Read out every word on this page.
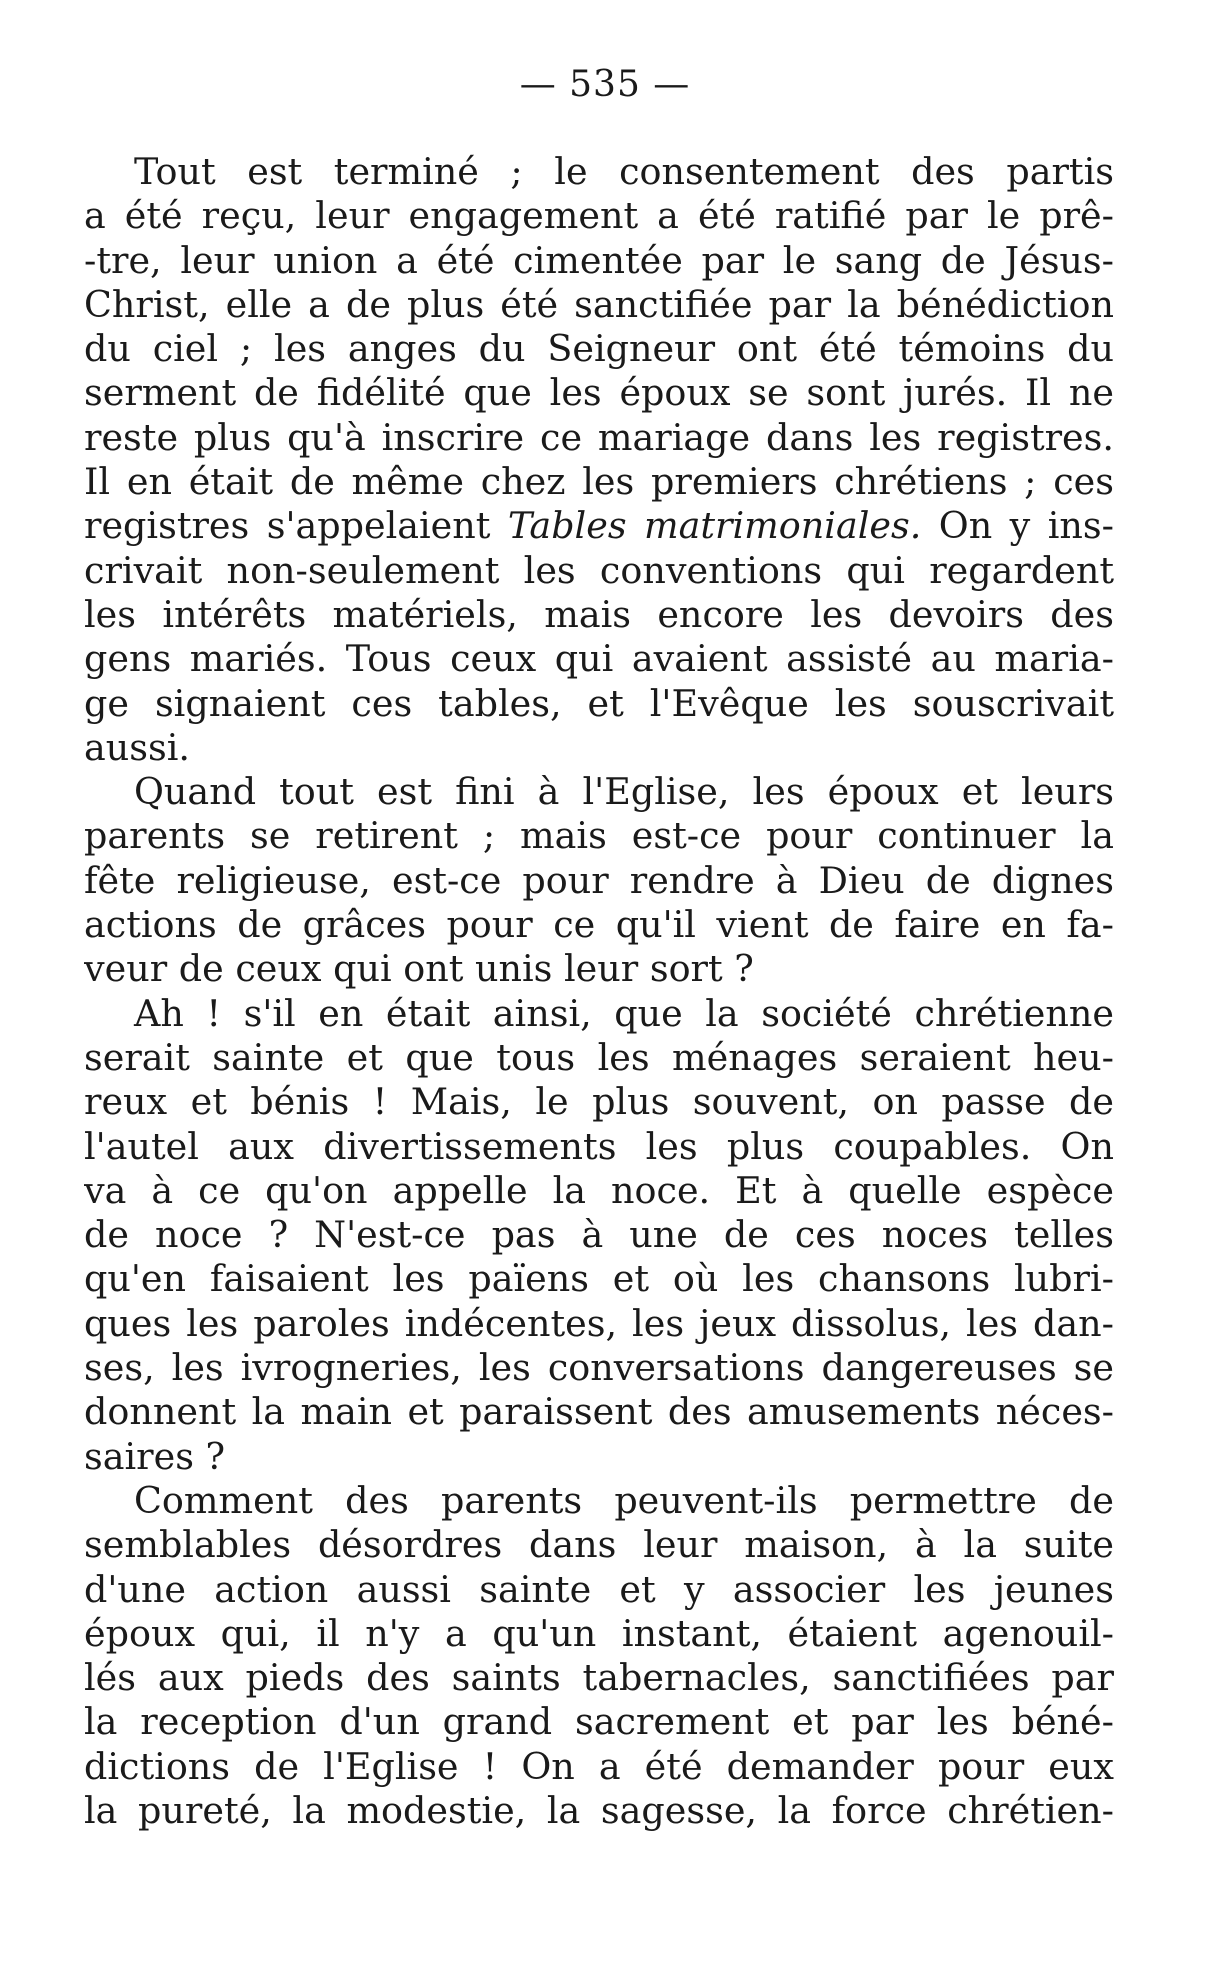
— 535 —

Tout est terminé ; le consentement des partis
a été reçu, leur engagement a été ratifié par le prê-
-tre, leur union a été cimentée par le sang de Jésus-
Christ, elle a de plus été sanctifiée par la bénédiction
du ciel ; les anges du Seigneur ont été témoins du
serment de fidélité que les époux se sont jurés. Il ne
reste plus qu'à inscrire ce mariage dans les registres.
Il en était de même chez les premiers chrétiens ; ces
registres s'appelaient Tables matrimoniales. On y ins-
crivait non-seulement les conventions qui regardent
les intérêts matériels, mais encore les devoirs des
gens mariés. Tous ceux qui avaient assisté au maria-
ge signaient ces tables, et l'Evêque les souscrivait
aussi.
Quand tout est fini à l'Eglise, les époux et leurs
parents se retirent ; mais est-ce pour continuer la
fête religieuse, est-ce pour rendre à Dieu de dignes
actions de grâces pour ce qu'il vient de faire en fa-
veur de ceux qui ont unis leur sort ?
Ah ! s'il en était ainsi, que la société chrétienne
serait sainte et que tous les ménages seraient heu-
reux et bénis ! Mais, le plus souvent, on passe de
l'autel aux divertissements les plus coupables. On
va à ce qu'on appelle la noce. Et à quelle espèce
de noce ? N'est-ce pas à une de ces noces telles
qu'en faisaient les païens et où les chansons lubri-
ques les paroles indécentes, les jeux dissolus, les dan-
ses, les ivrogneries, les conversations dangereuses se
donnent la main et paraissent des amusements néces-
saires ?
Comment des parents peuvent-ils permettre de
semblables désordres dans leur maison, à la suite
d'une action aussi sainte et y associer les jeunes
époux qui, il n'y a qu'un instant, étaient agenouil-
lés aux pieds des saints tabernacles, sanctifiées par
la reception d'un grand sacrement et par les béné-
dictions de l'Eglise ! On a été demander pour eux
la pureté, la modestie, la sagesse, la force chrétien-
